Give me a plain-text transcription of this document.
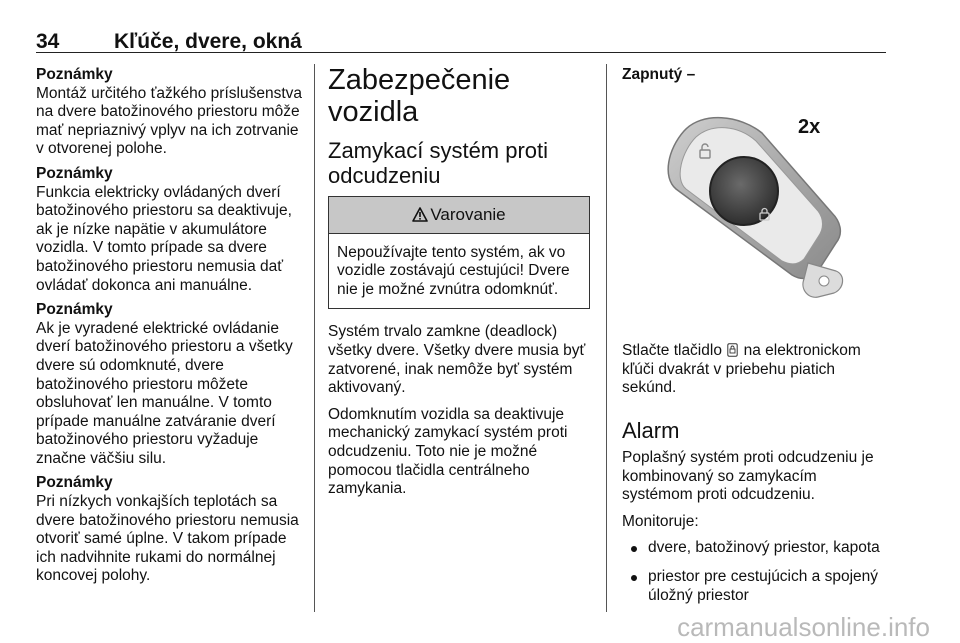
34	Kľúče, dvere, okná
Poznámky
Montáž určitého ťažkého príslušenstva na dvere batožinového priestoru môže mať nepriaznivý vplyv na ich zotrvanie v otvorenej polohe.
Poznámky
Funkcia elektricky ovládaných dverí batožinového priestoru sa deaktivuje, ak je nízke napätie v akumulátore vozidla. V tomto prípade sa dvere batožinového priestoru nemusia dať ovládať dokonca ani manuálne.
Poznámky
Ak je vyradené elektrické ovládanie dverí batožinového priestoru a všetky dvere sú odomknuté, dvere batožinového priestoru môžete obsluhovať len manuálne. V tomto prípade manuálne zatváranie dverí batožinového priestoru vyžaduje značne väčšiu silu.
Poznámky
Pri nízkych vonkajších teplotách sa dvere batožinového priestoru nemusia otvoriť samé úplne. V takom prípade ich nadvihnite rukami do normálnej koncovej polohy.
Zabezpečenie vozidla
Zamykací systém proti odcudzeniu
Varovanie
Nepoužívajte tento systém, ak vo vozidle zostávajú cestujúci! Dvere nie je možné zvnútra odomknúť.
Systém trvalo zamkne (deadlock) všetky dvere. Všetky dvere musia byť zatvorené, inak nemôže byť systém aktivovaný.
Odomknutím vozidla sa deaktivuje mechanický zamykací systém proti odcudzeniu. Toto nie je možné pomocou tlačidla centrálneho zamykania.
Zapnutý –
2x
Stlačte tlačidlo na elektronickom kľúči dvakrát v priebehu piatich sekúnd.
Alarm
Poplašný systém proti odcudzeniu je kombinovaný so zamykacím systémom proti odcudzeniu.
Monitoruje:
dvere, batožinový priestor, kapota
priestor pre cestujúcich a spojený úložný priestor
carmanualsonline.info
